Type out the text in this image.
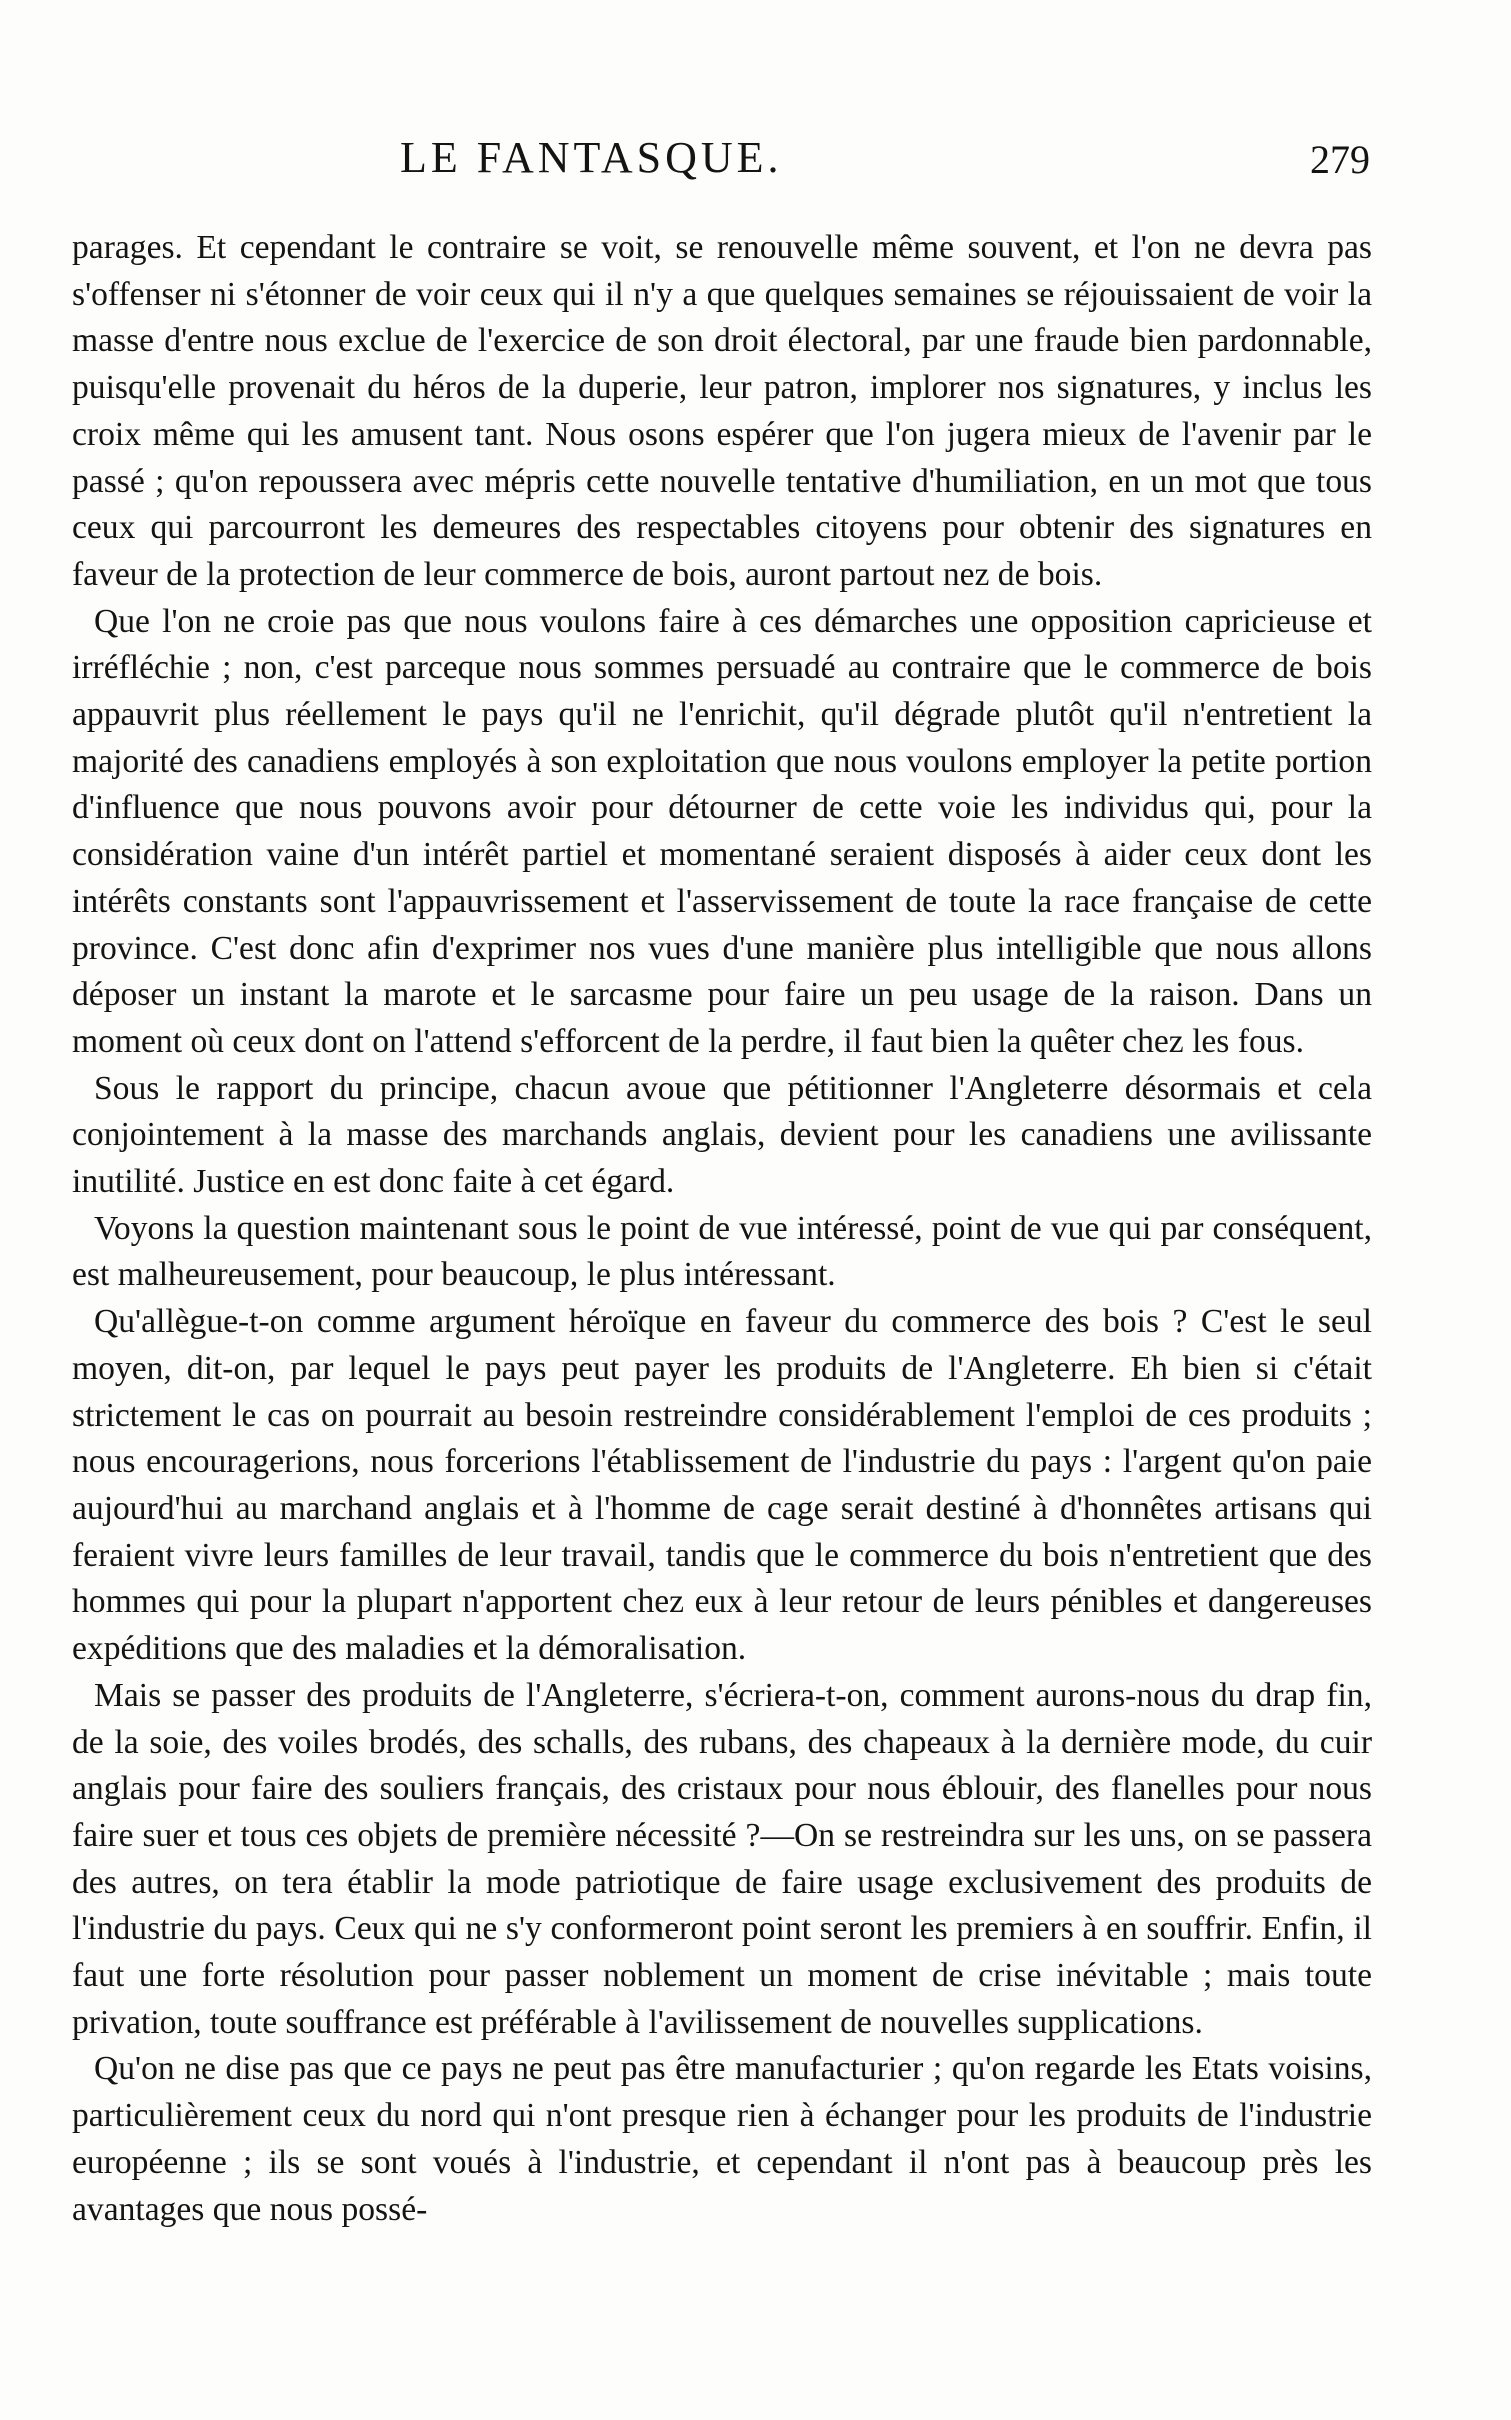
LE FANTASQUE.	279

parages. Et cependant le contraire se voit, se renouvelle même souvent, et l'on ne devra pas s'offenser ni s'étonner de voir ceux qui il n'y a que quelques semaines se réjouissaient de voir la masse d'entre nous exclue de l'exercice de son droit électoral, par une fraude bien pardonnable, puisqu'elle provenait du héros de la duperie, leur patron, implorer nos signatures, y inclus les croix même qui les amusent tant. Nous osons espérer que l'on jugera mieux de l'avenir par le passé ; qu'on repoussera avec mépris cette nouvelle tentative d'humiliation, en un mot que tous ceux qui parcourront les demeures des respectables citoyens pour obtenir des signatures en faveur de la protection de leur commerce de bois, auront partout nez de bois.

Que l'on ne croie pas que nous voulons faire à ces démarches une opposition capricieuse et irréfléchie ; non, c'est parceque nous sommes persuadé au contraire que le commerce de bois appauvrit plus réellement le pays qu'il ne l'enrichit, qu'il dégrade plutôt qu'il n'entretient la majorité des canadiens employés à son exploitation que nous voulons employer la petite portion d'influence que nous pouvons avoir pour détourner de cette voie les individus qui, pour la considération vaine d'un intérêt partiel et momentané seraient disposés à aider ceux dont les intérêts constants sont l'appauvrissement et l'asservissement de toute la race française de cette province. C'est donc afin d'exprimer nos vues d'une manière plus intelligible que nous allons déposer un instant la marote et le sarcasme pour faire un peu usage de la raison. Dans un moment où ceux dont on l'attend s'efforcent de la perdre, il faut bien la quêter chez les fous.

Sous le rapport du principe, chacun avoue que pétitionner l'Angleterre désormais et cela conjointement à la masse des marchands anglais, devient pour les canadiens une avilissante inutilité. Justice en est donc faite à cet égard.

Voyons la question maintenant sous le point de vue intéressé, point de vue qui par conséquent, est malheureusement, pour beaucoup, le plus intéressant.

Qu'allègue-t-on comme argument héroïque en faveur du commerce des bois ? C'est le seul moyen, dit-on, par lequel le pays peut payer les produits de l'Angleterre. Eh bien si c'était strictement le cas on pourrait au besoin restreindre considérablement l'emploi de ces produits ; nous encouragerions, nous forcerions l'établissement de l'industrie du pays : l'argent qu'on paie aujourd'hui au marchand anglais et à l'homme de cage serait destiné à d'honnêtes artisans qui feraient vivre leurs familles de leur travail, tandis que le commerce du bois n'entretient que des hommes qui pour la plupart n'apportent chez eux à leur retour de leurs pénibles et dangereuses expéditions que des maladies et la démoralisation.

Mais se passer des produits de l'Angleterre, s'écriera-t-on, comment aurons-nous du drap fin, de la soie, des voiles brodés, des schalls, des rubans, des chapeaux à la dernière mode, du cuir anglais pour faire des souliers français, des cristaux pour nous éblouir, des flanelles pour nous faire suer et tous ces objets de première nécessité ?—On se restreindra sur les uns, on se passera des autres, on tera établir la mode patriotique de faire usage exclusivement des produits de l'industrie du pays. Ceux qui ne s'y conformeront point seront les premiers à en souffrir. Enfin, il faut une forte résolution pour passer noblement un moment de crise inévitable ; mais toute privation, toute souffrance est préférable à l'avilissement de nouvelles supplications.

Qu'on ne dise pas que ce pays ne peut pas être manufacturier ; qu'on regarde les Etats voisins, particulièrement ceux du nord qui n'ont presque rien à échanger pour les produits de l'industrie européenne ; ils se sont voués à l'industrie, et cependant il n'ont pas à beaucoup près les avantages que nous possé-
